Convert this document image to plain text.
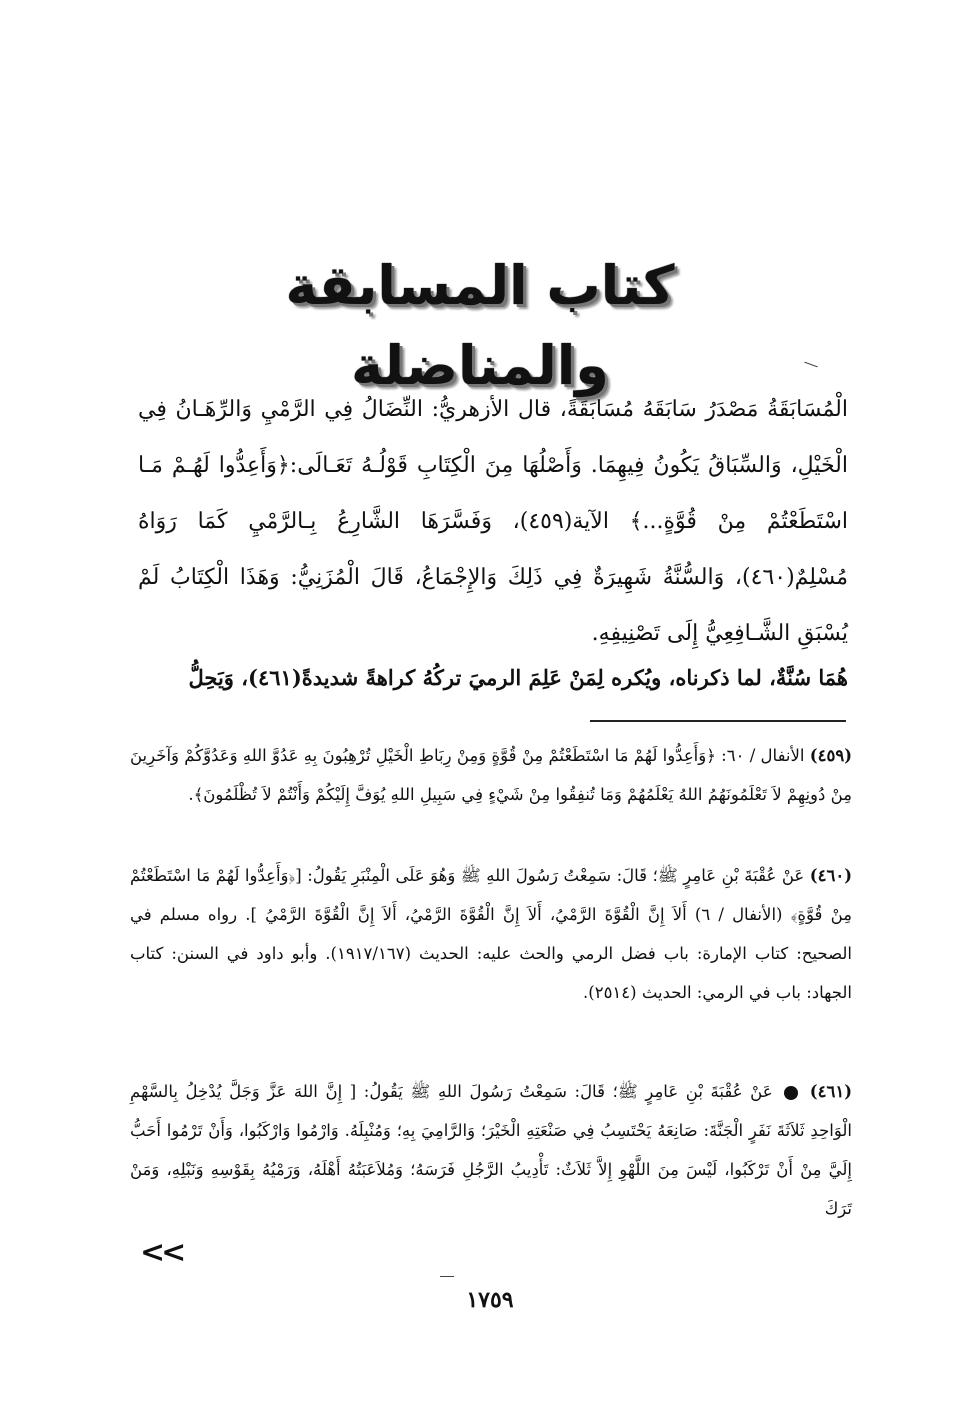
كتاب المسابقة والمناضلة
الْمُسَابَقَةُ مَصْدَرُ سَابَقَهُ مُسَابَقَةً، قال الأزهريُّ: النِّضَالُ فِي الرَّمْيِ وَالرِّهَـانُ فِي الْخَيْلِ، وَالسِّبَاقُ يَكُونُ فِيهِمَا. وَأَصْلُهَا مِنَ الْكِتَابِ قَوْلُـهُ تَعَـالَى:﴿وَأَعِدُّوا لَهُـمْ مَـا اسْتَطَعْتُمْ مِنْ قُوَّةٍ...﴾ الآية(٤٥٩)، وَفَسَّرَهَا الشَّارِعُ بِـالرَّمْيِ كَمَا رَوَاهُ مُسْلِمٌ(٤٦٠)، وَالسُّنَّةُ شَهِيرَةٌ فِي ذَلِكَ وَالإِجْمَاعُ، قَالَ الْمُزَنِيُّ: وَهَذَا الْكِتَابُ لَمْ يُسْبَقِ الشَّـافِعِيُّ إِلَى تَصْنِيفِهِ.
هُمَا سُنَّةٌ، لما ذكرناه، ويُكره لِمَنْ عَلِمَ الرميَ تركُهُ كراهةً شديدةً(٤٦١)، وَيَحِلُّ
(٤٥٩) الأنفال / ٦٠: ﴿وَأَعِدُّوا لَهُمْ مَا اسْتَطَعْتُمْ مِنْ قُوَّةٍ وَمِنْ رِبَاطِ الْخَيْلِ تُرْهِبُونَ بِهِ عَدُوَّ اللهِ وَعَدُوَّكُمْ وَآخَرِينَ مِنْ دُونِهِمْ لاَ تَعْلَمُونَهُمُ اللهُ يَعْلَمُهُمْ وَمَا تُنفِقُوا مِنْ شَيْءٍ فِي سَبِيلِ اللهِ يُوَفَّ إِلَيْكُمْ وَأَنْتُمْ لاَ تُظْلَمُونَ﴾.
(٤٦٠) عَنْ عُقْبَةَ بْنِ عَامِرٍ ﷺ؛ قَالَ: سَمِعْتُ رَسُولَ اللهِ ﷺ وَهُوَ عَلَى الْمِنْبَرِ يَقُولُ: [﴿وَأَعِدُّوا لَهُمْ مَا اسْتَطَعْتُمْ مِنْ قُوَّةٍ﴾ (الأنفال / ٦) أَلاَ إِنَّ الْقُوَّةَ الرَّمْيُ، أَلاَ إِنَّ الْقُوَّةَ الرَّمْيُ، أَلاَ إِنَّ الْقُوَّةَ الرَّمْيُ ]. رواه مسلم في الصحيح: كتاب الإمارة: باب فضل الرمي والحث عليه: الحديث (١٩١٧/١٦٧). وأبو داود في السنن: كتاب الجهاد: باب في الرمي: الحديث (٢٥١٤).
(٤٦١)  عَنْ عُقْبَةَ بْنِ عَامِرٍ ﷺ؛ قَالَ: سَمِعْتُ رَسُولَ اللهِ ﷺ يَقُولُ: [ إِنَّ اللهَ عَزَّ وَجَلَّ يُدْخِلُ بِالسَّهْمِ الْوَاحِدِ ثَلاَثَةَ نَفَرٍ الْجَنَّةَ: صَانِعَهُ يَحْتَسِبُ فِي صَنْعَتِهِ الْخَيْرَ؛ وَالرَّامِيَ بِهِ؛ وَمُنْبِلَهُ. وَارْمُوا وَارْكَبُوا، وَأَنْ تَرْمُوا أَحَبُّ إِلَيَّ مِنْ أَنْ تَرْكَبُوا، لَيْسَ مِنَ اللَّهْوِ إِلاَّ ثَلاَثٌ: تَأْدِيبُ الرَّجُلِ فَرَسَهُ؛ وَمُلاَعَبَتُهُ أَهْلَهُ، وَرَمْيُهُ بِقَوْسِهِ وَنَبْلِهِ، وَمَنْ تَرَكَ
<<
١٧٥٩
